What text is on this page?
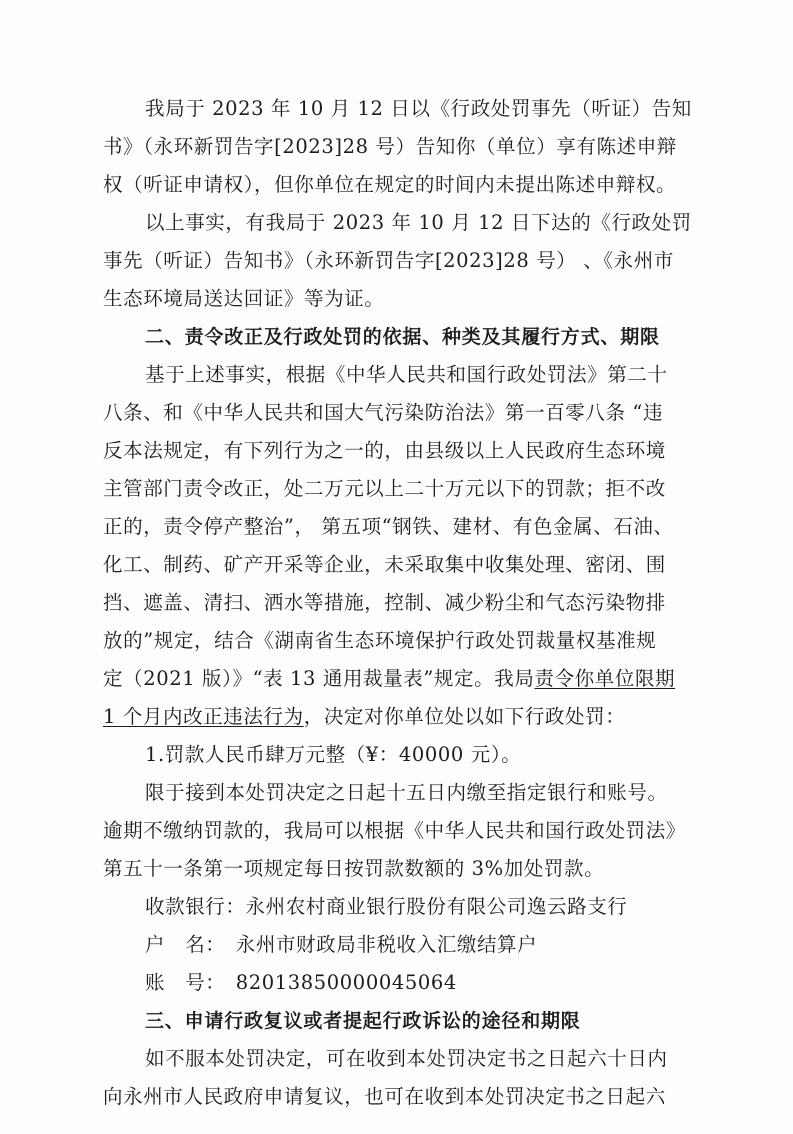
我局于 2023 年 10 月 12 日以《行政处罚事先（听证）告知
书》（永环新罚告字[2023]28 号）告知你（单位）享有陈述申辩
权（听证申请权），但你单位在规定的时间内未提出陈述申辩权。
以上事实，有我局于 2023 年 10 月 12 日下达的《行政处罚
事先（听证）告知书》（永环新罚告字[2023]28 号） 、《永州市
生态环境局送达回证》等为证。
二、责令改正及行政处罚的依据、种类及其履行方式、期限
基于上述事实，根据《中华人民共和国行政处罚法》第二十
八条、和《中华人民共和国大气污染防治法》第一百零八条 “违
反本法规定，有下列行为之一的，由县级以上人民政府生态环境
主管部门责令改正，处二万元以上二十万元以下的罚款；拒不改
正的，责令停产整治”， 第五项“钢铁、建材、有色金属、石油、
化工、制药、矿产开采等企业，未采取集中收集处理、密闭、围
挡、遮盖、清扫、洒水等措施，控制、减少粉尘和气态污染物排
放的”规定，结合《湖南省生态环境保护行政处罚裁量权基准规
定（2021 版）》“表 13 通用裁量表”规定。我局责令你单位限期
1 个月内改正违法行为，决定对你单位处以如下行政处罚：
1.罚款人民币肆万元整（¥：40000 元）。
限于接到本处罚决定之日起十五日内缴至指定银行和账号。
逾期不缴纳罚款的，我局可以根据《中华人民共和国行政处罚法》
第五十一条第一项规定每日按罚款数额的 3%加处罚款。
收款银行：永州农村商业银行股份有限公司逸云路支行
户　名：　永州市财政局非税收入汇缴结算户
账　号：　82013850000045064
三、申请行政复议或者提起行政诉讼的途径和期限
如不服本处罚决定，可在收到本处罚决定书之日起六十日内
向永州市人民政府申请复议，也可在收到本处罚决定书之日起六
